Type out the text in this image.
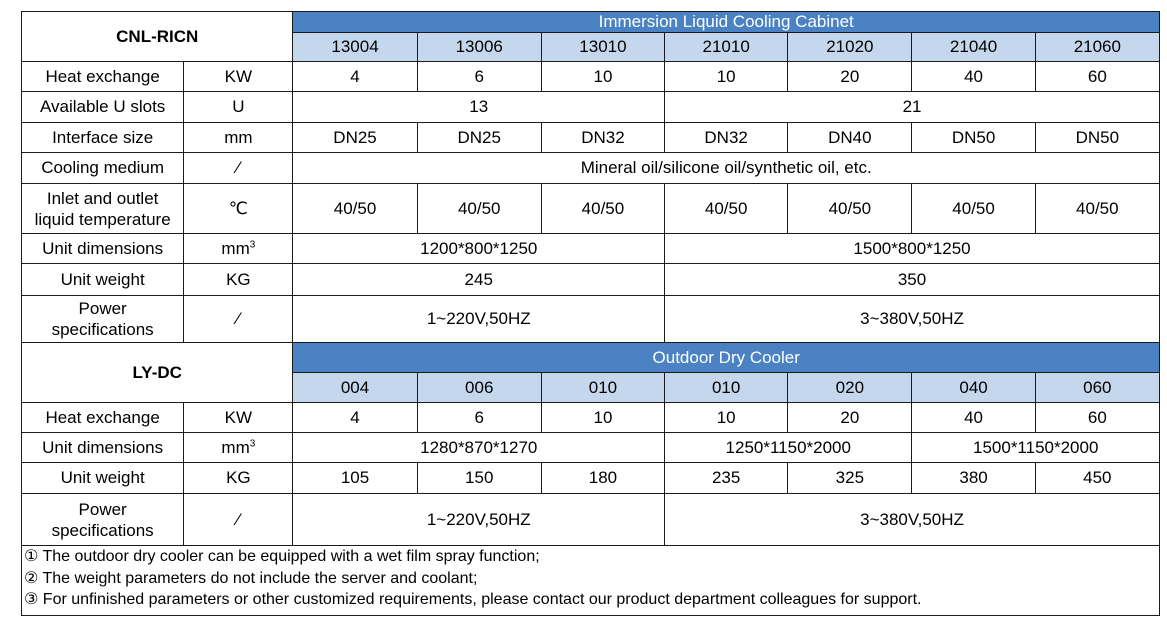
CNL-RICN		Immersion Liquid Cooling Cabinet						
		13004	13006	13010	21010	21020	21040	21060
Heat exchange	KW	4	6	10	10	20	40	60
Available U slots	U	13			21			
Interface size	mm	DN25	DN25	DN32	DN32	DN40	DN50	DN50
Cooling medium	⁄	Mineral oil/silicone oil/synthetic oil, etc.						

Inlet and outlet
liquid temperature	℃	40/50	40/50	40/50	40/50	40/50	40/50	40/50
Unit dimensions	$mm^3$	1200*800*1250			1500*800*1250			
Unit weight	KG	245			350			

Power
specifications	⁄	1~220V,50HZ			3~380V,50HZ			
LY-DC		Outdoor Dry Cooler						
		004	006	010	010	020	040	060
Heat exchange	KW	4	6	10	10	20	40	60
Unit dimensions	$mm^3$	1280*870*1270			1250*1150*2000		1500*1150*2000	
Unit weight	KG	105	150	180	235	325	380	450

Power
specifications	⁄	1~220V,50HZ			3~380V,50HZ			

① The outdoor dry cooler can be equipped with a wet film spray function;
② The weight parameters do not include the server and coolant;
③ For unfinished parameters or other customized requirements, please contact our product department colleagues for support.								
